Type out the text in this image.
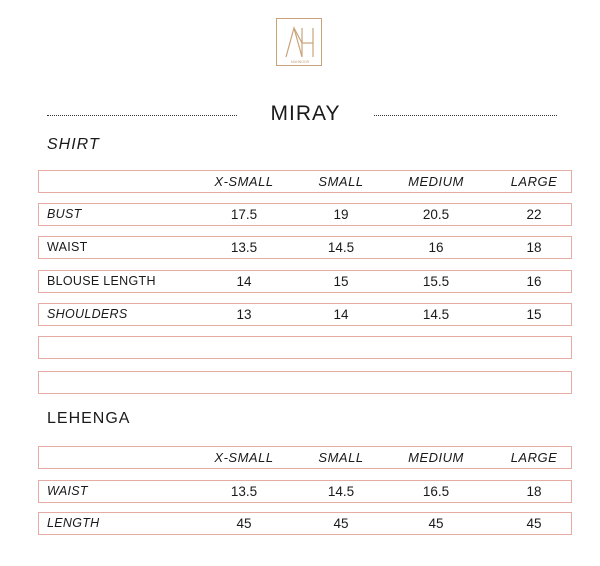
MAHNOOR
MIRAY
SHIRT
X-SMALL	SMALL	MEDIUM	LARGE
BUST	17.5	19	20.5	22
WAIST	13.5	14.5	16	18
BLOUSE LENGTH	14	15	15.5	16
SHOULDERS	13	14	14.5	15
LEHENGA
X-SMALL	SMALL	MEDIUM	LARGE
WAIST	13.5	14.5	16.5	18
LENGTH	45	45	45	45
